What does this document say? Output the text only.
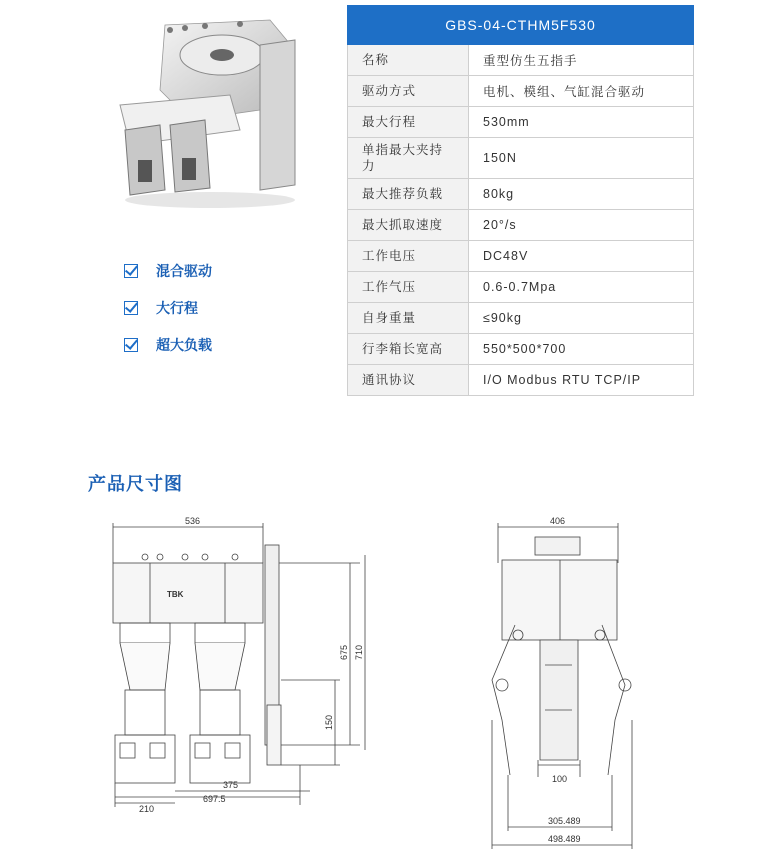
混合驱动
大行程
超大负载
GBS-04-CTHM5F530	
名称	重型仿生五指手
驱动方式	电机、模组、气缸混合驱动
最大行程	530mm
单指最大夹持力	150N
最大推荐负载	80kg
最大抓取速度	20°/s
工作电压	DC48V
工作气压	0.6-0.7Mpa
自身重量	≤90kg
行李箱长宽高	550*500*700
通讯协议	I/O Modbus RTU TCP/IP
产品尺寸图
536
TBK
675 710
150
210
375
697.5
406
100
305.489
498.489
